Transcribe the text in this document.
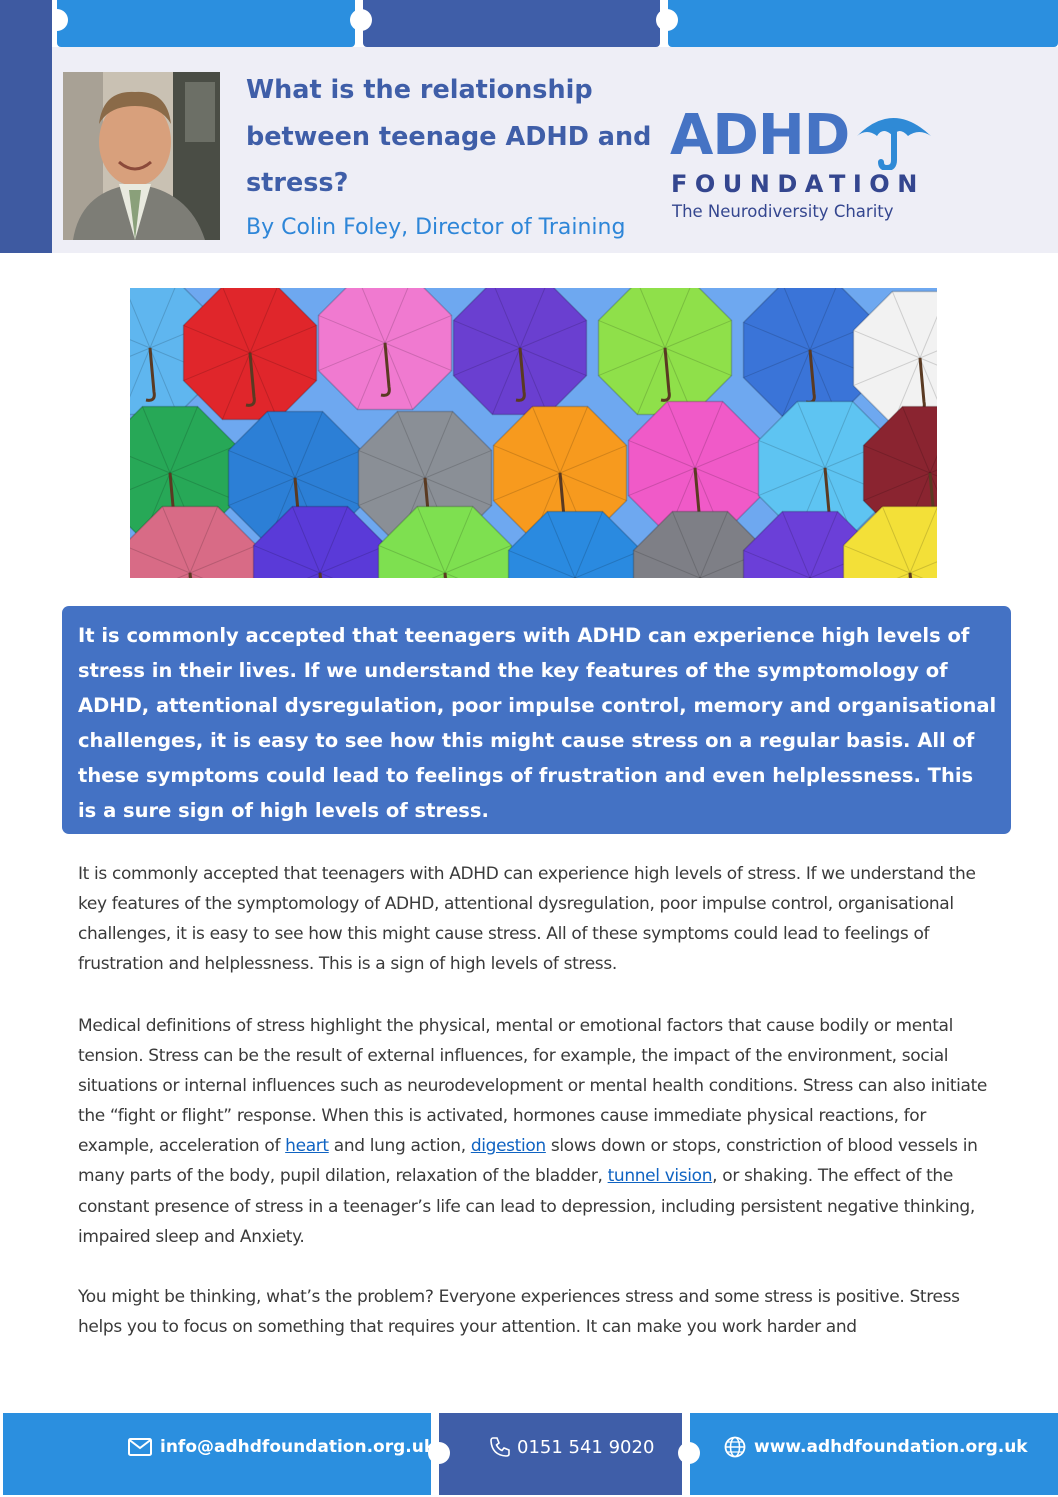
What is the relationship
between teenage ADHD and
stress?
By Colin Foley, Director of Training
ADHD
FOUNDATION
The Neurodiversity Charity
It is commonly accepted that teenagers with ADHD can experience high levels of stress in their lives. If we understand the key features of the symptomology of ADHD, attentional dysregulation, poor impulse control, memory and organisational challenges, it is easy to see how this might cause stress on a regular basis. All of these symptoms could lead to feelings of frustration and even helplessness. This is a sure sign of high levels of stress.
It is commonly accepted that teenagers with ADHD can experience high levels of stress. If we understand the key features of the symptomology of ADHD, attentional dysregulation, poor impulse control, organisational challenges, it is easy to see how this might cause stress. All of these symptoms could lead to feelings of frustration and helplessness. This is a sign of high levels of stress.
Medical definitions of stress highlight the physical, mental or emotional factors that cause bodily or mental tension. Stress can be the result of external influences, for example, the impact of the environment, social situations or internal influences such as neurodevelopment or mental health conditions. Stress can also initiate the “fight or flight” response. When this is activated, hormones cause immediate physical reactions, for example, acceleration of heart and lung action, digestion slows down or stops, constriction of blood vessels in many parts of the body, pupil dilation, relaxation of the bladder, tunnel vision, or shaking. The effect of the constant presence of stress in a teenager’s life can lead to depression, including persistent negative thinking, impaired sleep and Anxiety.
You might be thinking, what’s the problem? Everyone experiences stress and some stress is positive. Stress helps you to focus on something that requires your attention. It can make you work harder and
info@adhdfoundation.org.uk	0151 541 9020	www.adhdfoundation.org.uk
